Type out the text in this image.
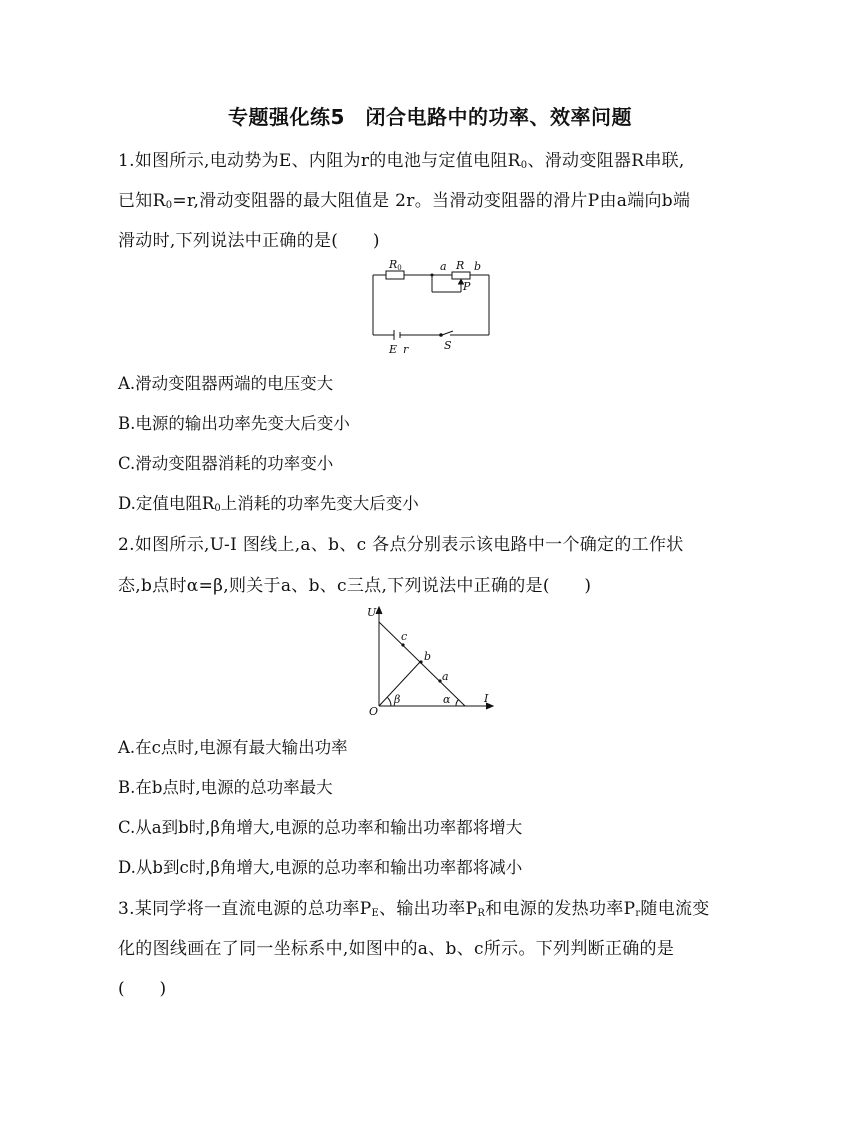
专题强化练5　闭合电路中的功率、效率问题
1.如图所示,电动势为E、内阻为r的电池与定值电阻$R_0$、滑动变阻器R串联,
已知$R_0=r$,滑动变阻器的最大阻值是 2r。当滑动变阻器的滑片P由a端向b端
滑动时,下列说法中正确的是(　　)
R0	a R b
P
E r	S
A.滑动变阻器两端的电压变大
B.电源的输出功率先变大后变小
C.滑动变阻器消耗的功率变小
D.定值电阻$R_0$上消耗的功率先变大后变小
2.如图所示,U-I 图线上,a、b、c 各点分别表示该电路中一个确定的工作状
态,b点时α=β,则关于a、b、c三点,下列说法中正确的是(　　)
U
I
O
c
b
a
β	α
A.在c点时,电源有最大输出功率
B.在b点时,电源的总功率最大
C.从a到b时,β角增大,电源的总功率和输出功率都将增大
D.从b到c时,β角增大,电源的总功率和输出功率都将减小
3.某同学将一直流电源的总功率$P_E$、输出功率$P_R$和电源的发热功率$P_r$随电流变
化的图线画在了同一坐标系中,如图中的a、b、c所示。下列判断正确的是
(　　)
